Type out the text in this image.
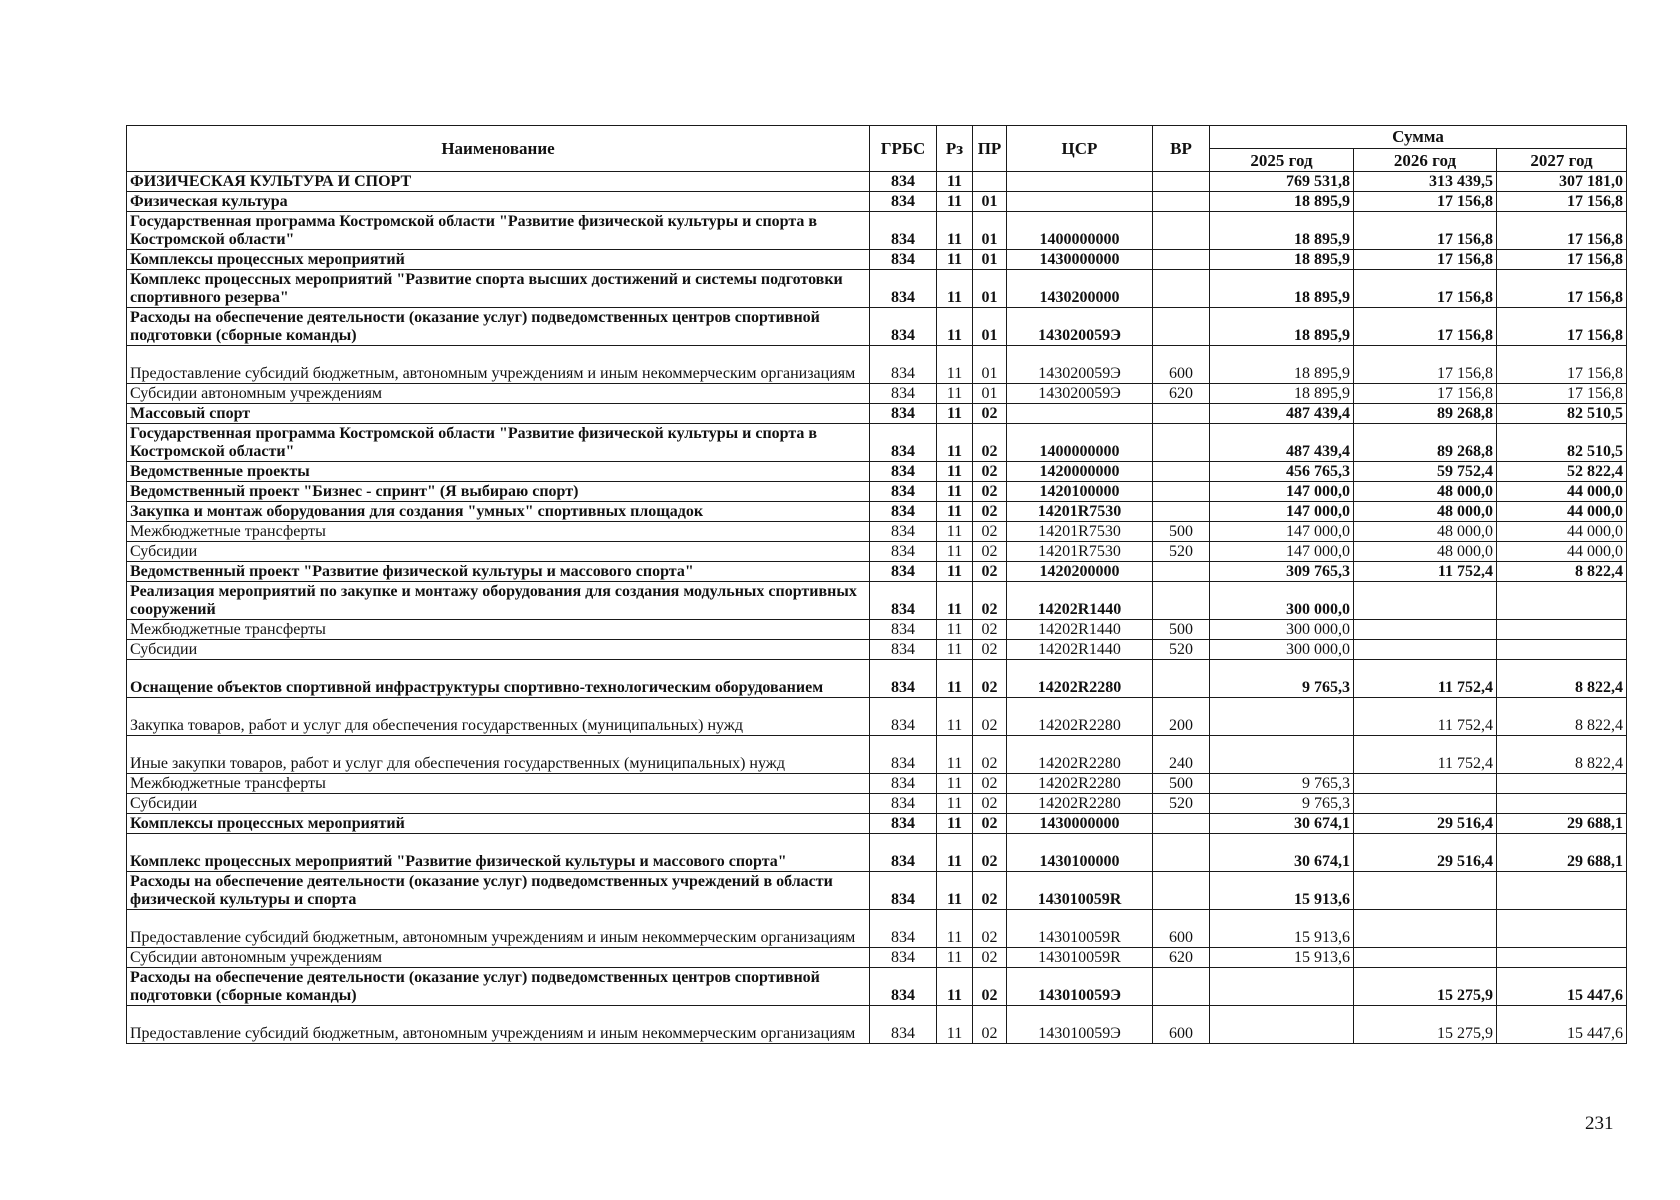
Наименование	ГРБС	Рз	ПР	ЦСР	ВР	Сумма		
						2025 год	2026 год	2027 год
ФИЗИЧЕСКАЯ КУЛЬТУРА И СПОРТ	834	11				769 531,8	313 439,5	307 181,0
Физическая культура	834	11	01			18 895,9	17 156,8	17 156,8
Государственная программа Костромской области "Развитие физической культуры и спорта в Костромской области"	834	11	01	1400000000		18 895,9	17 156,8	17 156,8
Комплексы процессных мероприятий	834	11	01	1430000000		18 895,9	17 156,8	17 156,8
Комплекс процессных мероприятий "Развитие спорта высших достижений и системы подготовки спортивного резерва"	834	11	01	1430200000		18 895,9	17 156,8	17 156,8
Расходы на обеспечение деятельности (оказание услуг) подведомственных центров спортивной подготовки (сборные команды)	834	11	01	143020059Э		18 895,9	17 156,8	17 156,8
Предоставление субсидий бюджетным, автономным учреждениям и иным некоммерческим организациям	834	11	01	143020059Э	600	18 895,9	17 156,8	17 156,8
Субсидии автономным учреждениям	834	11	01	143020059Э	620	18 895,9	17 156,8	17 156,8
Массовый спорт	834	11	02			487 439,4	89 268,8	82 510,5
Государственная программа Костромской области "Развитие физической культуры и спорта в Костромской области"	834	11	02	1400000000		487 439,4	89 268,8	82 510,5
Ведомственные проекты	834	11	02	1420000000		456 765,3	59 752,4	52 822,4
Ведомственный проект "Бизнес - спринт" (Я выбираю спорт)	834	11	02	1420100000		147 000,0	48 000,0	44 000,0
Закупка и монтаж оборудования для создания "умных" спортивных площадок	834	11	02	14201R7530		147 000,0	48 000,0	44 000,0
Межбюджетные трансферты	834	11	02	14201R7530	500	147 000,0	48 000,0	44 000,0
Субсидии	834	11	02	14201R7530	520	147 000,0	48 000,0	44 000,0
Ведомственный проект "Развитие физической культуры и массового спорта"	834	11	02	1420200000		309 765,3	11 752,4	8 822,4
Реализация мероприятий по закупке и монтажу оборудования для создания модульных спортивных сооружений	834	11	02	14202R1440		300 000,0		
Межбюджетные трансферты	834	11	02	14202R1440	500	300 000,0		
Субсидии	834	11	02	14202R1440	520	300 000,0		
Оснащение объектов спортивной инфраструктуры спортивно-технологическим оборудованием	834	11	02	14202R2280		9 765,3	11 752,4	8 822,4
Закупка товаров, работ и услуг для обеспечения государственных (муниципальных) нужд	834	11	02	14202R2280	200		11 752,4	8 822,4
Иные закупки товаров, работ и услуг для обеспечения государственных (муниципальных) нужд	834	11	02	14202R2280	240		11 752,4	8 822,4
Межбюджетные трансферты	834	11	02	14202R2280	500	9 765,3		
Субсидии	834	11	02	14202R2280	520	9 765,3		
Комплексы процессных мероприятий	834	11	02	1430000000		30 674,1	29 516,4	29 688,1
Комплекс процессных мероприятий "Развитие физической культуры и массового спорта"	834	11	02	1430100000		30 674,1	29 516,4	29 688,1
Расходы на обеспечение деятельности (оказание услуг) подведомственных учреждений в области физической культуры и спорта	834	11	02	143010059R		15 913,6		
Предоставление субсидий бюджетным, автономным учреждениям и иным некоммерческим организациям	834	11	02	143010059R	600	15 913,6		
Субсидии автономным учреждениям	834	11	02	143010059R	620	15 913,6		
Расходы на обеспечение деятельности (оказание услуг) подведомственных центров спортивной подготовки (сборные команды)	834	11	02	143010059Э			15 275,9	15 447,6
Предоставление субсидий бюджетным, автономным учреждениям и иным некоммерческим организациям	834	11	02	143010059Э	600		15 275,9	15 447,6
231
